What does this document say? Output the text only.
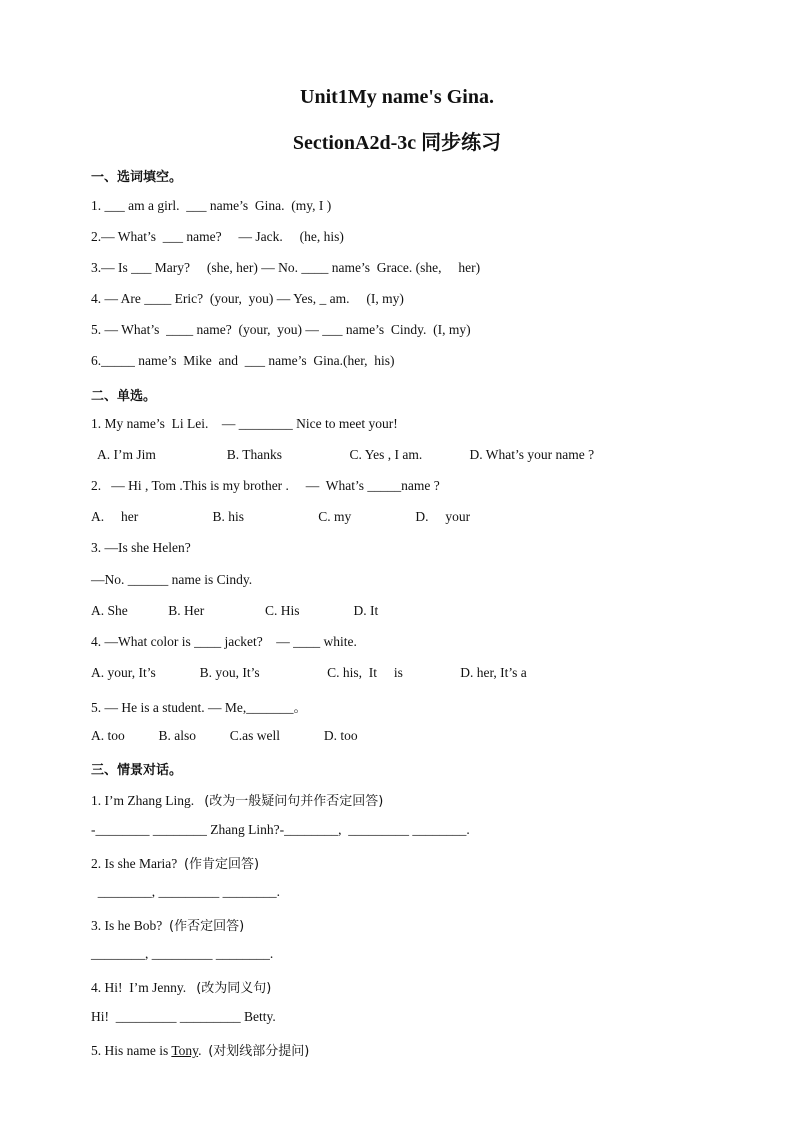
Unit1My name's Gina.
SectionA2d-3c 同步练习
一、选词填空。
1. ___ am a girl.  ___ name’s  Gina.  (my, I )
2.— What’s  ___ name?     — Jack.     (he, his)
3.— Is ___ Mary?     (she, her) — No. ____ name’s  Grace. (she,     her)
4. — Are ____ Eric?  (your,  you) — Yes, _ am.     (I, my)
5. — What’s  ____ name?  (your,  you) — ___ name’s  Cindy.  (I, my)
6._____ name’s  Mike  and  ___ name’s  Gina.(her,  his)
二、单选。
1. My name’s  Li Lei.    — ________ Nice to meet your!
A. I’m Jim                     B. Thanks                    C. Yes , I am.              D. What’s your name ?
2.   — Hi , Tom .This is my brother .     —  What’s _____name ?
A.     her                      B. his                      C. my                   D.     your
3. —Is she Helen?
—No. ______ name is Cindy.
A. She            B. Her                  C. His                D. It
4. —What color is ____ jacket?    — ____ white.
A. your, It’s             B. you, It’s                    C. his,  It     is                 D. her, It’s a
5. — He is a student. — Me,_______。
A. too          B. also          C.as well             D. too
三、情景对话。
1. I’m Zhang Ling.   (改为一般疑问句并作否定回答)
-________ ________ Zhang Linh?-________,  _________ ________.
2. Is she Maria?  (作肯定回答)
________, _________ ________.
3. Is he Bob?  (作否定回答)
________, _________ ________.
4. Hi!  I’m Jenny.   (改为同义句)
Hi!  _________ _________ Betty.
5. His name is Tony.  (对划线部分提问)
